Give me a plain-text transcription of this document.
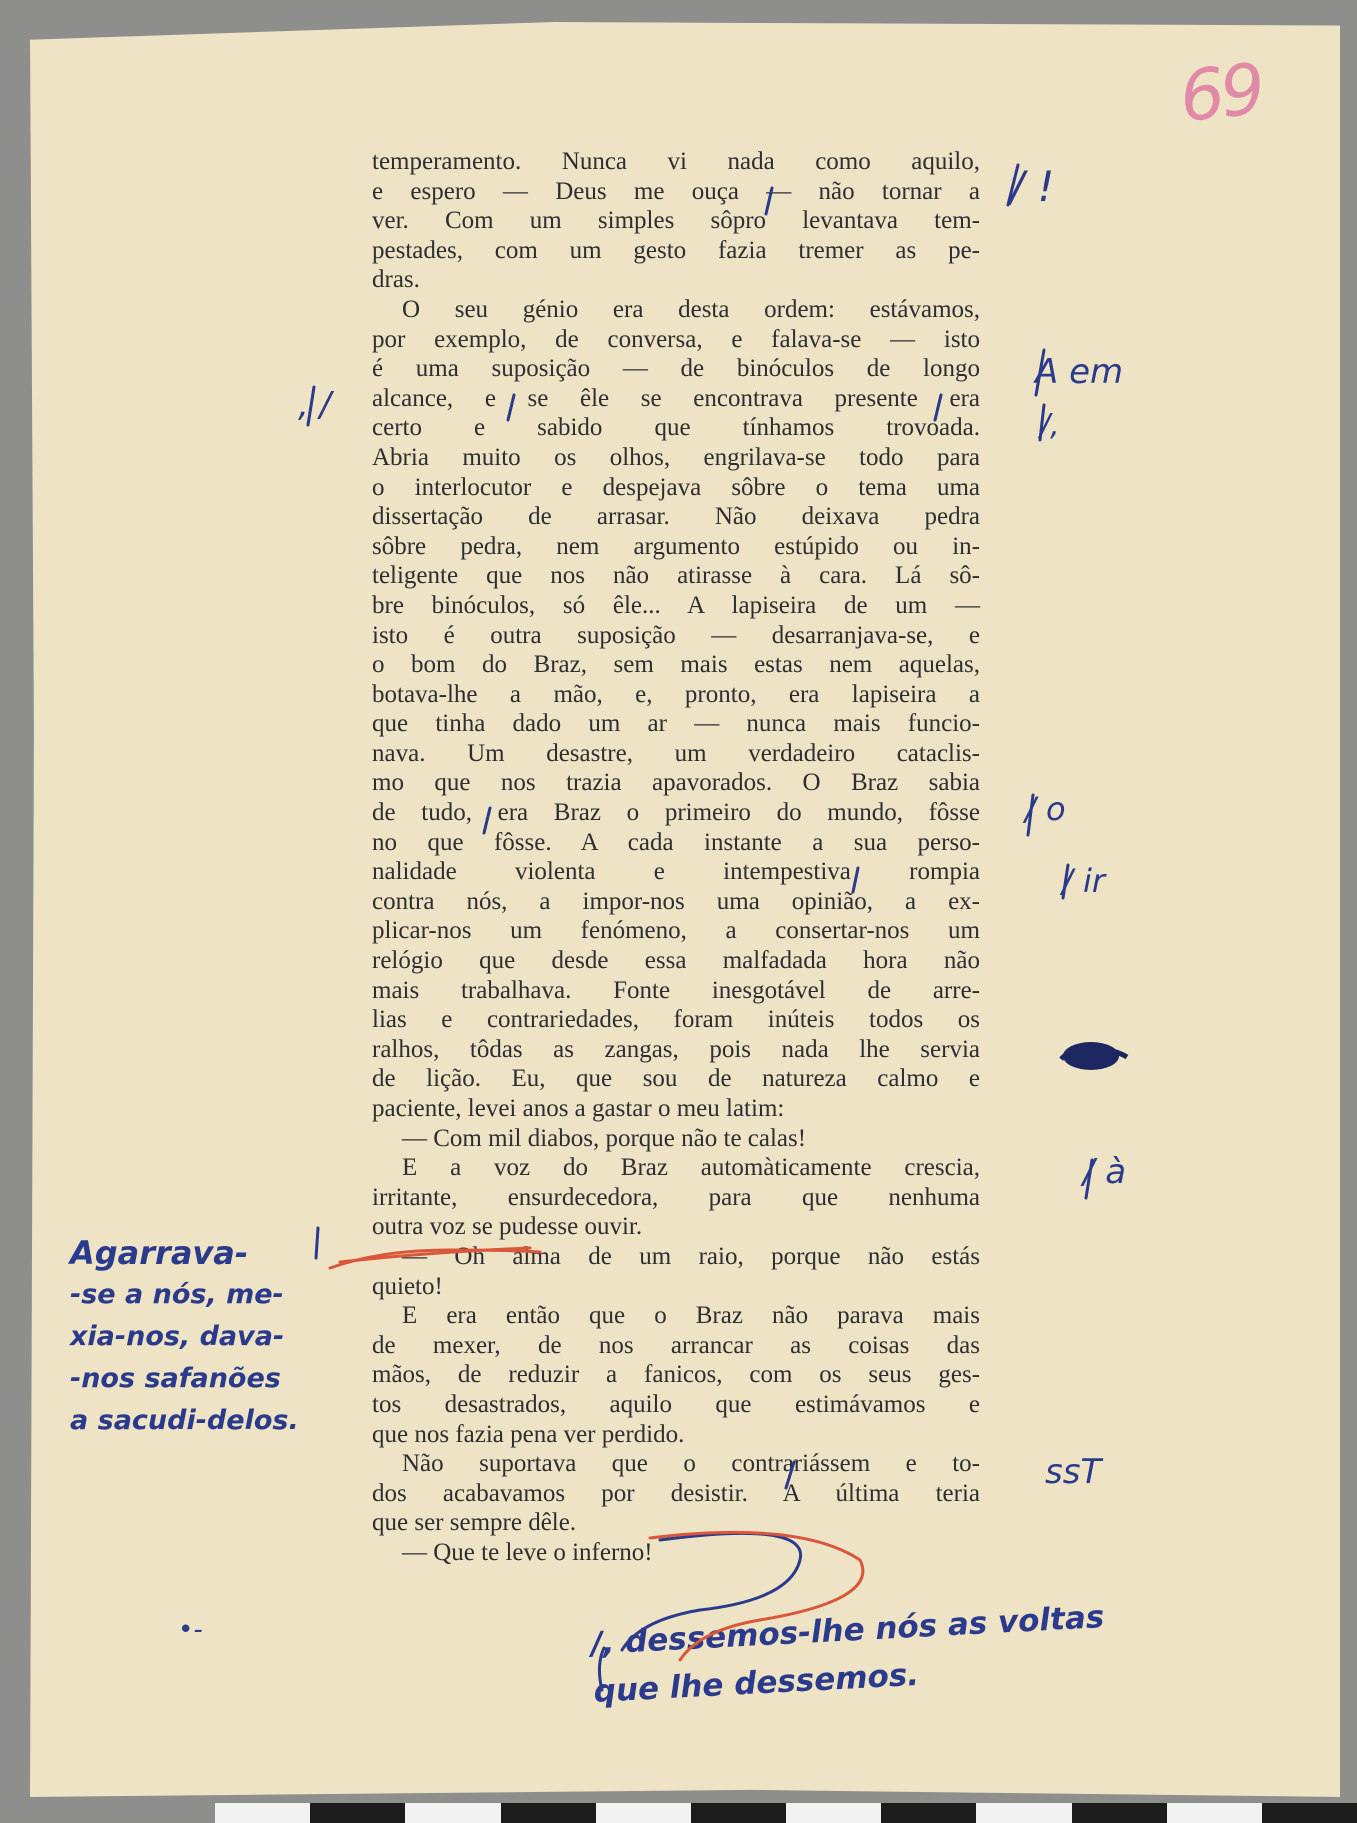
69
temperamento. Nunca vi nada como aquilo,
e espero — Deus me ouça — não tornar a
ver. Com um simples sôpro levantava tem-
pestades, com um gesto fazia tremer as pe-
dras.
O seu génio era desta ordem: estávamos,
por exemplo, de conversa, e falava-se — isto
é uma suposição — de binóculos de longo
alcance, e se êle se encontrava presente era
certo e sabido que tínhamos trovoada.
Abria muito os olhos, engrilava-se todo para
o interlocutor e despejava sôbre o tema uma
dissertação de arrasar. Não deixava pedra
sôbre pedra, nem argumento estúpido ou in-
teligente que nos não atirasse à cara. Lá sô-
bre binóculos, só êle... A lapiseira de um —
isto é outra suposição — desarranjava-se, e
o bom do Braz, sem mais estas nem aquelas,
botava-lhe a mão, e, pronto, era lapiseira a
que tinha dado um ar — nunca mais funcio-
nava. Um desastre, um verdadeiro cataclis-
mo que nos trazia apavorados. O Braz sabia
de tudo, era Braz o primeiro do mundo, fôsse
no que fôsse. A cada instante a sua perso-
nalidade violenta e intempestiva rompia
contra nós, a impor-nos uma opinião, a ex-
plicar-nos um fenómeno, a consertar-nos um
relógio que desde essa malfadada hora não
mais trabalhava. Fonte inesgotável de arre-
lias e contrariedades, foram inúteis todos os
ralhos, tôdas as zangas, pois nada lhe servia
de lição. Eu, que sou de natureza calmo e
paciente, levei anos a gastar o meu latim:
— Com mil diabos, porque não te calas!
E a voz do Braz automàticamente crescia,
irritante, ensurdecedora, para que nenhuma
outra voz se pudesse ouvir.
— Oh alma de um raio, porque não estás
quieto!
E era então que o Braz não parava mais
de mexer, de nos arrancar as coisas das
mãos, de reduzir a fanicos, com os seus ges-
tos desastrados, aquilo que estimávamos e
que nos fazia pena ver perdido.
Não suportava que o contrariássem e to-
dos acabavamos por desistir. A última teria
que ser sempre dêle.
— Que te leve o inferno!
/ !
A em
/,
/ o
/ ir
/ à
ssT
, /
•-
Agarrava-
-se a nós, me-
xia-nos, dava-
-nos safanões
a sacudi-delos.
/, dessemos-lhe nós as voltas
que lhe dessemos.
